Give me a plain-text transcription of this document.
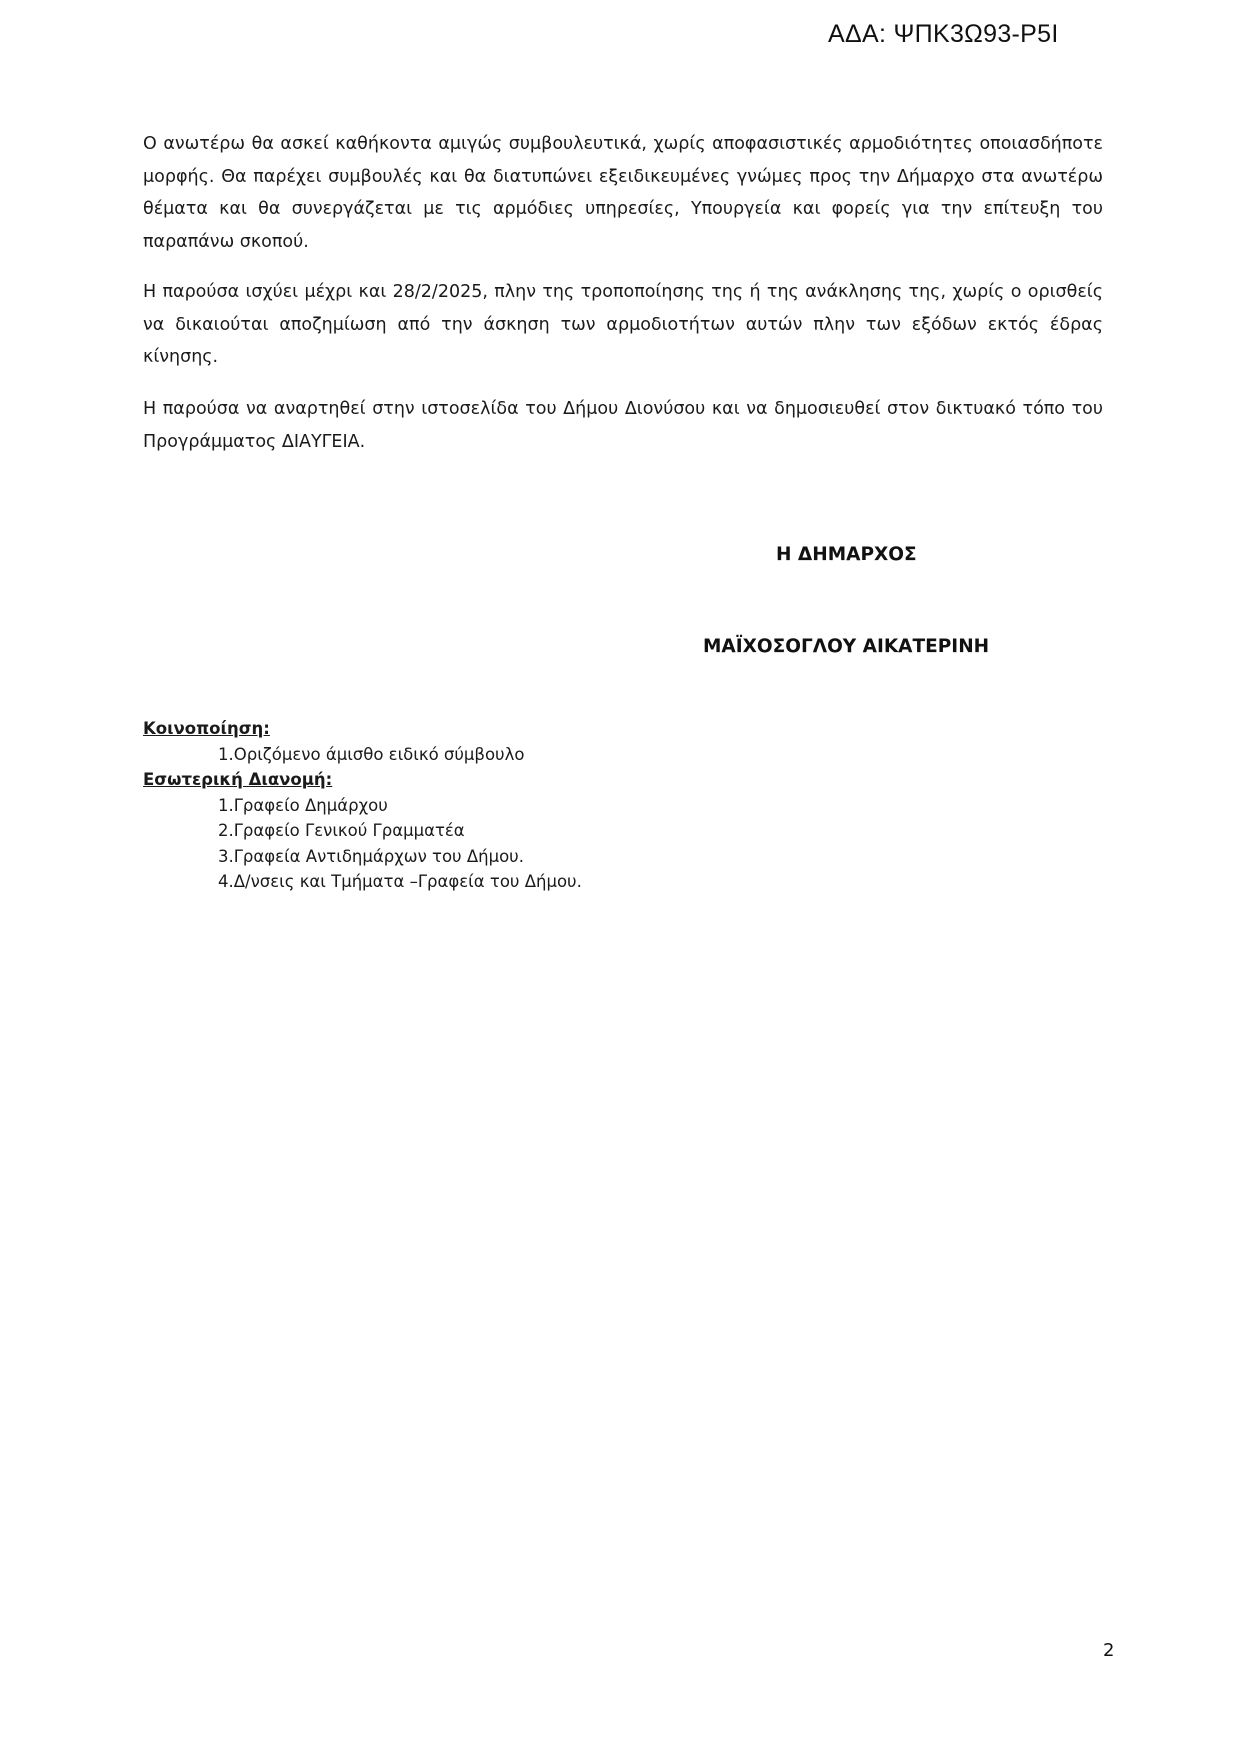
ΑΔΑ: ΨΠΚ3Ω93-Ρ5Ι

Ο ανωτέρω θα ασκεί καθήκοντα αμιγώς συμβουλευτικά, χωρίς αποφασιστικές αρμοδιότητες οποιασδήποτε μορφής. Θα παρέχει συμβουλές και θα διατυπώνει εξειδικευμένες γνώμες προς την Δήμαρχο στα ανωτέρω θέματα και θα συνεργάζεται με τις αρμόδιες υπηρεσίες, Υπουργεία και φορείς για την επίτευξη του παραπάνω σκοπού.

Η παρούσα ισχύει μέχρι και 28/2/2025, πλην της τροποποίησης της ή της ανάκλησης της, χωρίς ο ορισθείς να δικαιούται αποζημίωση από την άσκηση των αρμοδιοτήτων αυτών πλην των εξόδων εκτός έδρας κίνησης.

Η παρούσα να αναρτηθεί στην ιστοσελίδα του Δήμου Διονύσου και να δημοσιευθεί στον δικτυακό τόπο του Προγράμματος ΔΙΑΥΓΕΙΑ.

Η ΔΗΜΑΡΧΟΣ
ΜΑΪΧΟΣΟΓΛΟΥ ΑΙΚΑΤΕΡΙΝΗ
Κοινοποίηση:
1.Οριζόμενο άμισθο ειδικό σύμβουλο
Εσωτερική Διανομή:
1.Γραφείο Δημάρχου
2.Γραφείο Γενικού Γραμματέα
3.Γραφεία Αντιδημάρχων του Δήμου.
4.Δ/νσεις και Τμήματα –Γραφεία του Δήμου.
2
